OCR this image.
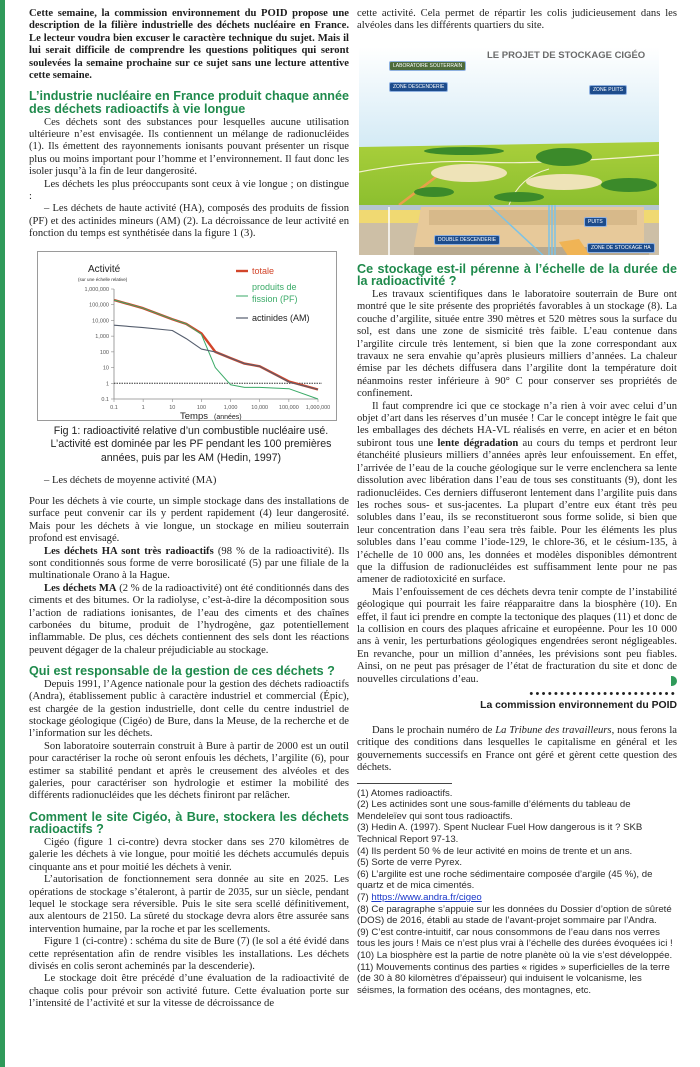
Cette semaine, la commission environnement du POID propose une description de la filière industrielle des déchets nucléaire en France. Le lecteur voudra bien excuser le caractère technique du sujet. Mais il lui serait difficile de comprendre les questions politiques qui seront soulevées la semaine prochaine sur ce sujet sans une lecture attentive cette semaine.

L’industrie nucléaire en France produit chaque année des déchets radioactifs à vie longue

Ces déchets sont des substances pour lesquelles aucune utilisation ultérieure n’est envisagée. Ils contiennent un mélange de radionucléides (1). Ils émettent des rayonnements ionisants pouvant présenter un risque plus ou moins important pour l’homme et l’environnement. Il faut donc les isoler jusqu’à la fin de leur dangerosité.

Les déchets les plus préoccupants sont ceux à vie longue ; on distingue :

– Les déchets de haute activité (HA), composés des produits de fission (PF) et des actinides mineurs (AM) (2). La décroissance de leur activité en fonction du temps est synthétisée dans la figure 1 (3).

0.1
1
10
100
1,000
10,000
100,000
1,000,000
0.1	1	10	100	1,000	10,000 100,000 1,000,000
Activité
(sur une échelle relative)
Temps (années)
totale
produits de
fission (PF)
actinides (AM)
Fig 1: radioactivité relative d’un combustible nucléaire usé. L’activité est dominée par les PF pendant les 100 premières années, puis par les AM (Hedin, 1997)

– Les déchets de moyenne activité (MA)

Pour les déchets à vie courte, un simple stockage dans des installations de surface peut convenir car ils y perdent rapidement (4) leur dangerosité. Mais pour les déchets à vie longue, un stockage en milieu souterrain profond est envisagé.

Les déchets HA sont très radioactifs (98 % de la radioactivité). Ils sont conditionnés sous forme de verre borosilicaté (5) par une filiale de la multinationale Orano à la Hague.

Les déchets MA (2 % de la radioactivité) ont été conditionnés dans des ciments et des bitumes. Or la radiolyse, c’est-à-dire la décomposition sous l’action de radiations ionisantes, de l’eau des ciments et des chaînes carbonées du bitume, produit de l’hydrogène, gaz potentiellement inflammable. De plus, ces déchets contiennent des sels dont les réactions peuvent dégager de la chaleur préjudiciable au stockage.

Qui est responsable de la gestion de ces déchets ?

Depuis 1991, l’Agence nationale pour la gestion des déchets radioactifs (Andra), établissement public à caractère industriel et commercial (Épic), est chargée de la gestion industrielle, dont celle du centre industriel de stockage géologique (Cigéo) de Bure, dans la Meuse, de la recherche et de l’information sur les déchets.

Son laboratoire souterrain construit à Bure à partir de 2000 est un outil pour caractériser la roche où seront enfouis les déchets, l’argilite (6), pour estimer sa stabilité pendant et après le creusement des alvéoles et des galeries, pour caractériser son hydrologie et estimer la mobilité des différents radionucléides que les déchets finiront par relâcher.

Comment le site Cigéo, à Bure, stockera les déchets radioactifs ?

Cigéo (figure 1 ci-contre) devra stocker dans ses 270 kilomètres de galerie les déchets à vie longue, pour moitié les déchets accumulés depuis cinquante ans et pour moitié les déchets à venir.

L’autorisation de fonctionnement sera donnée au site en 2025. Les opérations de stockage s’étaleront, à partir de 2035, sur un siècle, pendant lequel le stockage sera réversible. Puis le site sera scellé définitivement, aux alentours de 2150. La sûreté du stockage devra alors être assurée sans intervention humaine, par la roche et par les scellements.

Figure 1 (ci-contre) : schéma du site de Bure (7) (le sol a été évidé dans cette représentation afin de rendre visibles les installations. Les déchets divisés en colis seront acheminés par la descenderie).

Le stockage doit être précédé d’une évaluation de la radioactivité de chaque colis pour prévoir son activité future. Cette évaluation porte sur l’intensité de l’activité et sur la vitesse de décroissance de

cette activité. Cela permet de répartir les colis judicieusement dans les alvéoles dans les différents quartiers du site.

LE PROJET DE STOCKAGE CIGÉO
LABORATOIRE SOUTERRAIN
ZONE DESCENDERIE	ZONE PUITS
PUITS
DOUBLE DESCENDERIE
ZONE DE STOCKAGE HA
Ce stockage est-il pérenne à l’échelle de la durée de la radioactivité ?

Les travaux scientifiques dans le laboratoire souterrain de Bure ont montré que le site présente des propriétés favorables à un stockage (8). La couche d’argilite, située entre 390 mètres et 520 mètres sous la surface du sol, est dans une zone de sismicité très faible. L’eau contenue dans l’argilite circule très lentement, si bien que la zone correspondant aux travaux ne sera envahie qu’après plusieurs milliers d’années. La chaleur émise par les déchets diffusera dans l’argilite dont la température doit néanmoins rester inférieure à 90° C pour conserver ses propriétés de confinement.

Il faut comprendre ici que ce stockage n’a rien à voir avec celui d’un objet d’art dans les réserves d’un musée ! Car le concept intègre le fait que les emballages des déchets HA-VL réalisés en verre, en acier et en béton subiront tous une lente dégradation au cours du temps et perdront leur étanchéité plusieurs milliers d’années après leur enfouissement. En effet, l’arrivée de l’eau de la couche géologique sur le verre enclenchera sa lente dissolution avec libération dans l’eau de tous ses constituants (9), dont les radionucléides. Ces derniers diffuseront lentement dans l’argilite puis dans les roches sous- et sus-jacentes. La plupart d’entre eux étant très peu solubles dans l’eau, ils se reconstitueront sous forme solide, si bien que leur concentration dans l’eau sera très faible. Pour les éléments les plus solubles dans l’eau comme l’iode-129, le chlore-36, et le césium-135, à l’échelle de 10 000 ans, les données et modèles disponibles démontrent que la diffusion de radionucléides est suffisamment lente pour ne pas amener de radiotoxicité en surface.

Mais l’enfouissement de ces déchets devra tenir compte de l’instabilité géologique qui pourrait les faire réapparaitre dans la biosphère (10). En effet, il faut ici prendre en compte la tectonique des plaques (11) et donc de la collision en cours des plaques africaine et européenne. Pour les 10 000 ans à venir, les perturbations géologiques engendrées seront négligeables. En revanche, pour un million d’années, les prévisions sont peu fiables. Ainsi, on ne peut pas présager de l’état de fracturation du site et donc de nouvelles circulations d’eau.

••••••••••••••••••••••••
La commission environnement du POID

Dans le prochain numéro de La Tribune des travailleurs, nous ferons la critique des conditions dans lesquelles le capitalisme en général et les gouvernements successifs en France ont géré et gèrent cette question des déchets.

(1) Atomes radioactifs.
(2) Les actinides sont une sous-famille d’éléments du tableau de Mendeleïev qui sont tous radioactifs.
(3) Hedin A. (1997). Spent Nuclear Fuel How dangerous is it ? SKB Technical Report 97-13.
(4) Ils perdent 50 % de leur activité en moins de trente et un ans.
(5) Sorte de verre Pyrex.
(6) L’argilite est une roche sédimentaire composée d’argile (45 %), de quartz et de mica cimentés.
(7) https://www.andra.fr/cigeo
(8) Ce paragraphe s’appuie sur les données du Dossier d’option de sûreté (DOS) de 2016, établi au stade de l’avant-projet sommaire par l’Andra.
(9) C’est contre-intuitif, car nous consommons de l’eau dans nos verres tous les jours ! Mais ce n’est plus vrai à l’échelle des durées évoquées ici !
(10) La biosphère est la partie de notre planète où la vie s’est développée.
(11) Mouvements continus des parties « rigides » superficielles de la terre (de 30 à 80 kilomètres d’épaisseur) qui induisent le volcanisme, les séismes, la formation des océans, des montagnes, etc.
